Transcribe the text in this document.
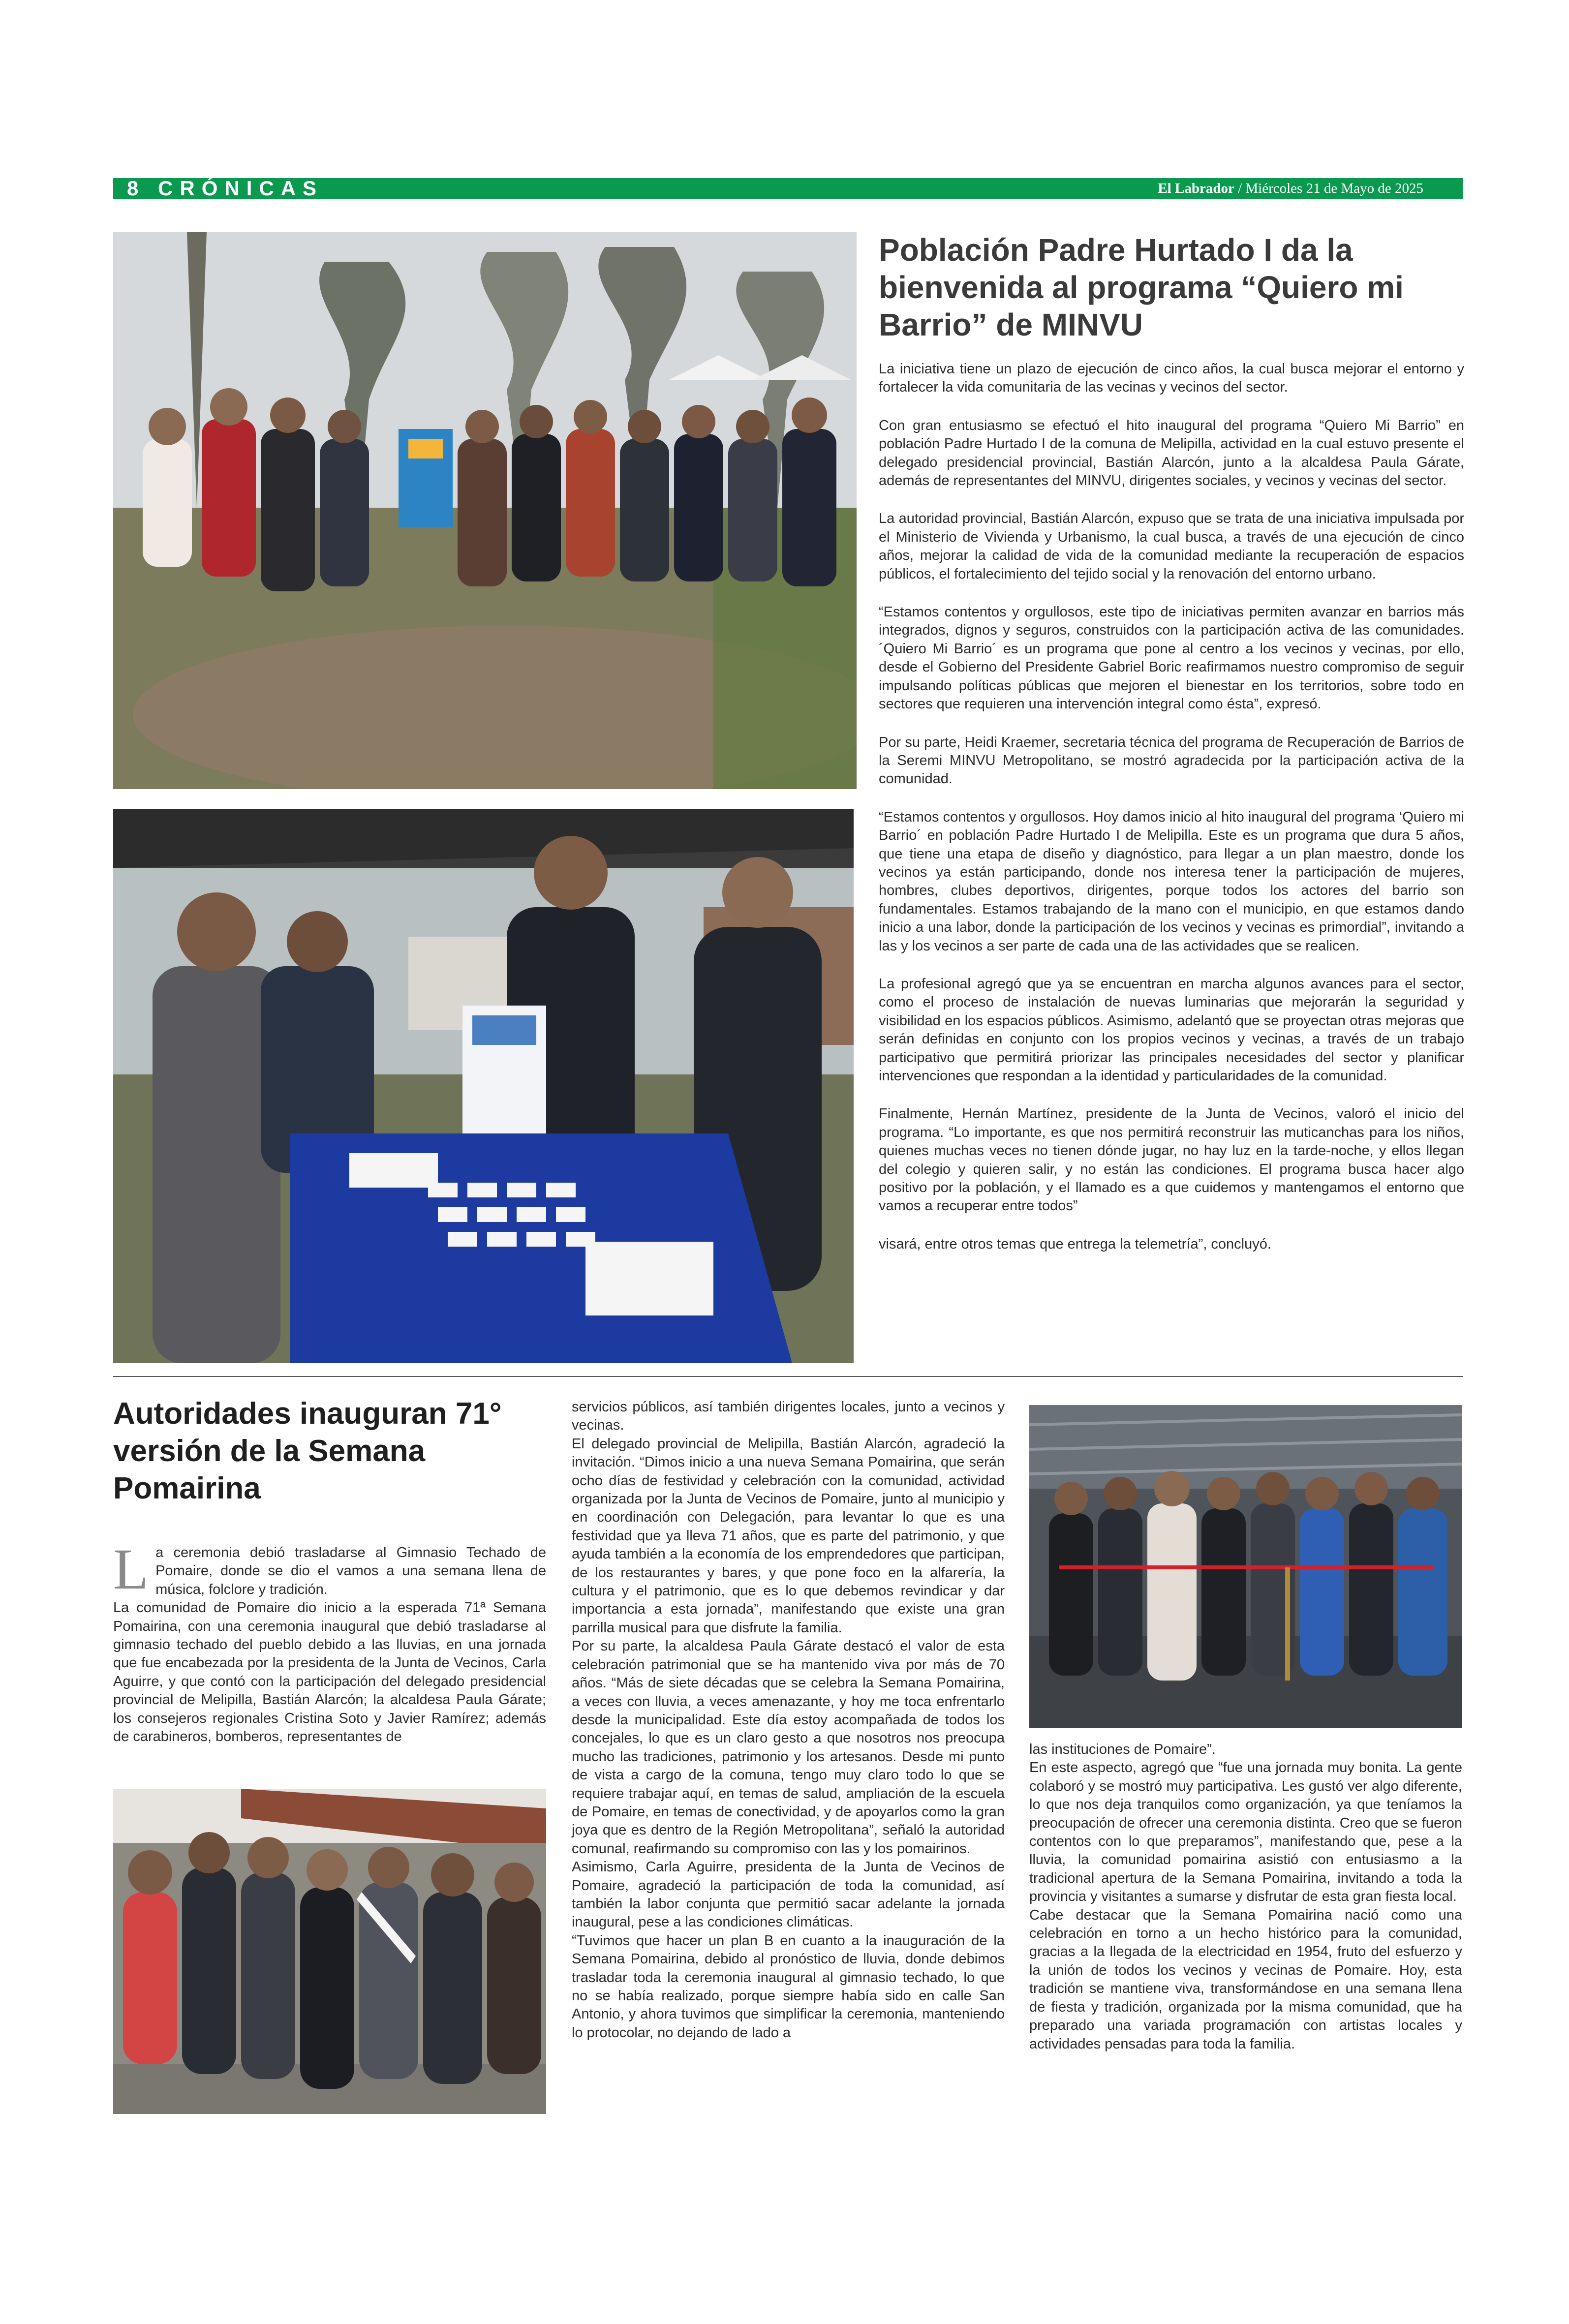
8 CRÓNICAS	El Labrador / Miércoles 21 de Mayo de 2025
Población Padre Hurtado I da la bienvenida al programa “Quiero mi Barrio” de MINVU

La iniciativa tiene un plazo de ejecución de cinco años, la cual busca mejorar el entorno y fortalecer la vida comunitaria de las vecinas y vecinos del sector.

Con gran entusiasmo se efectuó el hito inaugural del programa “Quiero Mi Barrio” en población Padre Hurtado I de la comuna de Melipilla, actividad en la cual estuvo presente el delegado presidencial provincial, Bastián Alarcón, junto a la alcaldesa Paula Gárate, además de representantes del MINVU, dirigentes sociales, y vecinos y vecinas del sector.

La autoridad provincial, Bastián Alarcón, expuso que se trata de una iniciativa impulsada por el Ministerio de Vivienda y Urbanismo, la cual busca, a través de una ejecución de cinco años, mejorar la calidad de vida de la comunidad mediante la recuperación de espacios públicos, el fortalecimiento del tejido social y la renovación del entorno urbano.

“Estamos contentos y orgullosos, este tipo de iniciativas permiten avanzar en barrios más integrados, dignos y seguros, construidos con la participación activa de las comunidades. ´Quiero Mi Barrio´ es un programa que pone al centro a los vecinos y vecinas, por ello, desde el Gobierno del Presidente Gabriel Boric reafirmamos nuestro compromiso de seguir impulsando políticas públicas que mejoren el bienestar en los territorios, sobre todo en sectores que requieren una intervención integral como ésta”, expresó.

Por su parte, Heidi Kraemer, secretaria técnica del programa de Recuperación de Barrios de la Seremi MINVU Metropolitano, se mostró agradecida por la participación activa de la comunidad.

“Estamos contentos y orgullosos. Hoy damos inicio al hito inaugural del programa ‘Quiero mi Barrio´ en población Padre Hurtado I de Melipilla. Este es un programa que dura 5 años, que tiene una etapa de diseño y diagnóstico, para llegar a un plan maestro, donde los vecinos ya están participando, donde nos interesa tener la participación de mujeres, hombres, clubes deportivos, dirigentes, porque todos los actores del barrio son fundamentales. Estamos trabajando de la mano con el municipio, en que estamos dando inicio a una labor, donde la participación de los vecinos y vecinas es primordial”, invitando a las y los vecinos a ser parte de cada una de las actividades que se realicen.

La profesional agregó que ya se encuentran en marcha algunos avances para el sector, como el proceso de instalación de nuevas luminarias que mejorarán la seguridad y visibilidad en los espacios públicos. Asimismo, adelantó que se proyectan otras mejoras que serán definidas en conjunto con los propios vecinos y vecinas, a través de un trabajo participativo que permitirá priorizar las principales necesidades del sector y planificar intervenciones que respondan a la identidad y particularidades de la comunidad.

Finalmente, Hernán Martínez, presidente de la Junta de Vecinos, valoró el inicio del programa. “Lo importante, es que nos permitirá reconstruir las muticanchas para los niños, quienes muchas veces no tienen dónde jugar, no hay luz en la tarde-noche, y ellos llegan del colegio y quieren salir, y no están las condiciones. El programa busca hacer algo positivo por la población, y el llamado es a que cuidemos y mantengamos el entorno que vamos a recuperar entre todos”

visará, entre otros temas que entrega la telemetría”, concluyó.

Autoridades inauguran 71° versión de la Semana Pomairina

La ceremonia debió trasladarse al Gimnasio Techado de Pomaire, donde se dio el vamos a una semana llena de música, folclore y tradición.

La comunidad de Pomaire dio inicio a la esperada 71ª Semana Pomairina, con una ceremonia inaugural que debió trasladarse al gimnasio techado del pueblo debido a las lluvias, en una jornada que fue encabezada por la presidenta de la Junta de Vecinos, Carla Aguirre, y que contó con la participación del delegado presidencial provincial de Melipilla, Bastián Alarcón; la alcaldesa Paula Gárate; los consejeros regionales Cristina Soto y Javier Ramírez; además de carabineros, bomberos, representantes de

servicios públicos, así también dirigentes locales, junto a vecinos y vecinas.

El delegado provincial de Melipilla, Bastián Alarcón, agradeció la invitación. “Dimos inicio a una nueva Semana Pomairina, que serán ocho días de festividad y celebración con la comunidad, actividad organizada por la Junta de Vecinos de Pomaire, junto al municipio y en coordinación con Delegación, para levantar lo que es una festividad que ya lleva 71 años, que es parte del patrimonio, y que ayuda también a la economía de los emprendedores que participan, de los restaurantes y bares, y que pone foco en la alfarería, la cultura y el patrimonio, que es lo que debemos revindicar y dar importancia a esta jornada”, manifestando que existe una gran parrilla musical para que disfrute la familia.

Por su parte, la alcaldesa Paula Gárate destacó el valor de esta celebración patrimonial que se ha mantenido viva por más de 70 años. “Más de siete décadas que se celebra la Semana Pomairina, a veces con lluvia, a veces amenazante, y hoy me toca enfrentarlo desde la municipalidad. Este día estoy acompañada de todos los concejales, lo que es un claro gesto a que nosotros nos preocupa mucho las tradiciones, patrimonio y los artesanos. Desde mi punto de vista a cargo de la comuna, tengo muy claro todo lo que se requiere trabajar aquí, en temas de salud, ampliación de la escuela de Pomaire, en temas de conectividad, y de apoyarlos como la gran joya que es dentro de la Región Metropolitana”, señaló la autoridad comunal, reafirmando su compromiso con las y los pomairinos.

Asimismo, Carla Aguirre, presidenta de la Junta de Vecinos de Pomaire, agradeció la participación de toda la comunidad, así también la labor conjunta que permitió sacar adelante la jornada inaugural, pese a las condiciones climáticas.

“Tuvimos que hacer un plan B en cuanto a la inauguración de la Semana Pomairina, debido al pronóstico de lluvia, donde debimos trasladar toda la ceremonia inaugural al gimnasio techado, lo que no se había realizado, porque siempre había sido en calle San Antonio, y ahora tuvimos que simplificar la ceremonia, manteniendo lo protocolar, no dejando de lado a

las instituciones de Pomaire”.

En este aspecto, agregó que “fue una jornada muy bonita. La gente colaboró y se mostró muy participativa. Les gustó ver algo diferente, lo que nos deja tranquilos como organización, ya que teníamos la preocupación de ofrecer una ceremonia distinta. Creo que se fueron contentos con lo que preparamos”, manifestando que, pese a la lluvia, la comunidad pomairina asistió con entusiasmo a la tradicional apertura de la Semana Pomairina, invitando a toda la provincia y visitantes a sumarse y disfrutar de esta gran fiesta local.

Cabe destacar que la Semana Pomairina nació como una celebración en torno a un hecho histórico para la comunidad, gracias a la llegada de la electricidad en 1954, fruto del esfuerzo y la unión de todos los vecinos y vecinas de Pomaire. Hoy, esta tradición se mantiene viva, transformándose en una semana llena de fiesta y tradición, organizada por la misma comunidad, que ha preparado una variada programación con artistas locales y actividades pensadas para toda la familia.
